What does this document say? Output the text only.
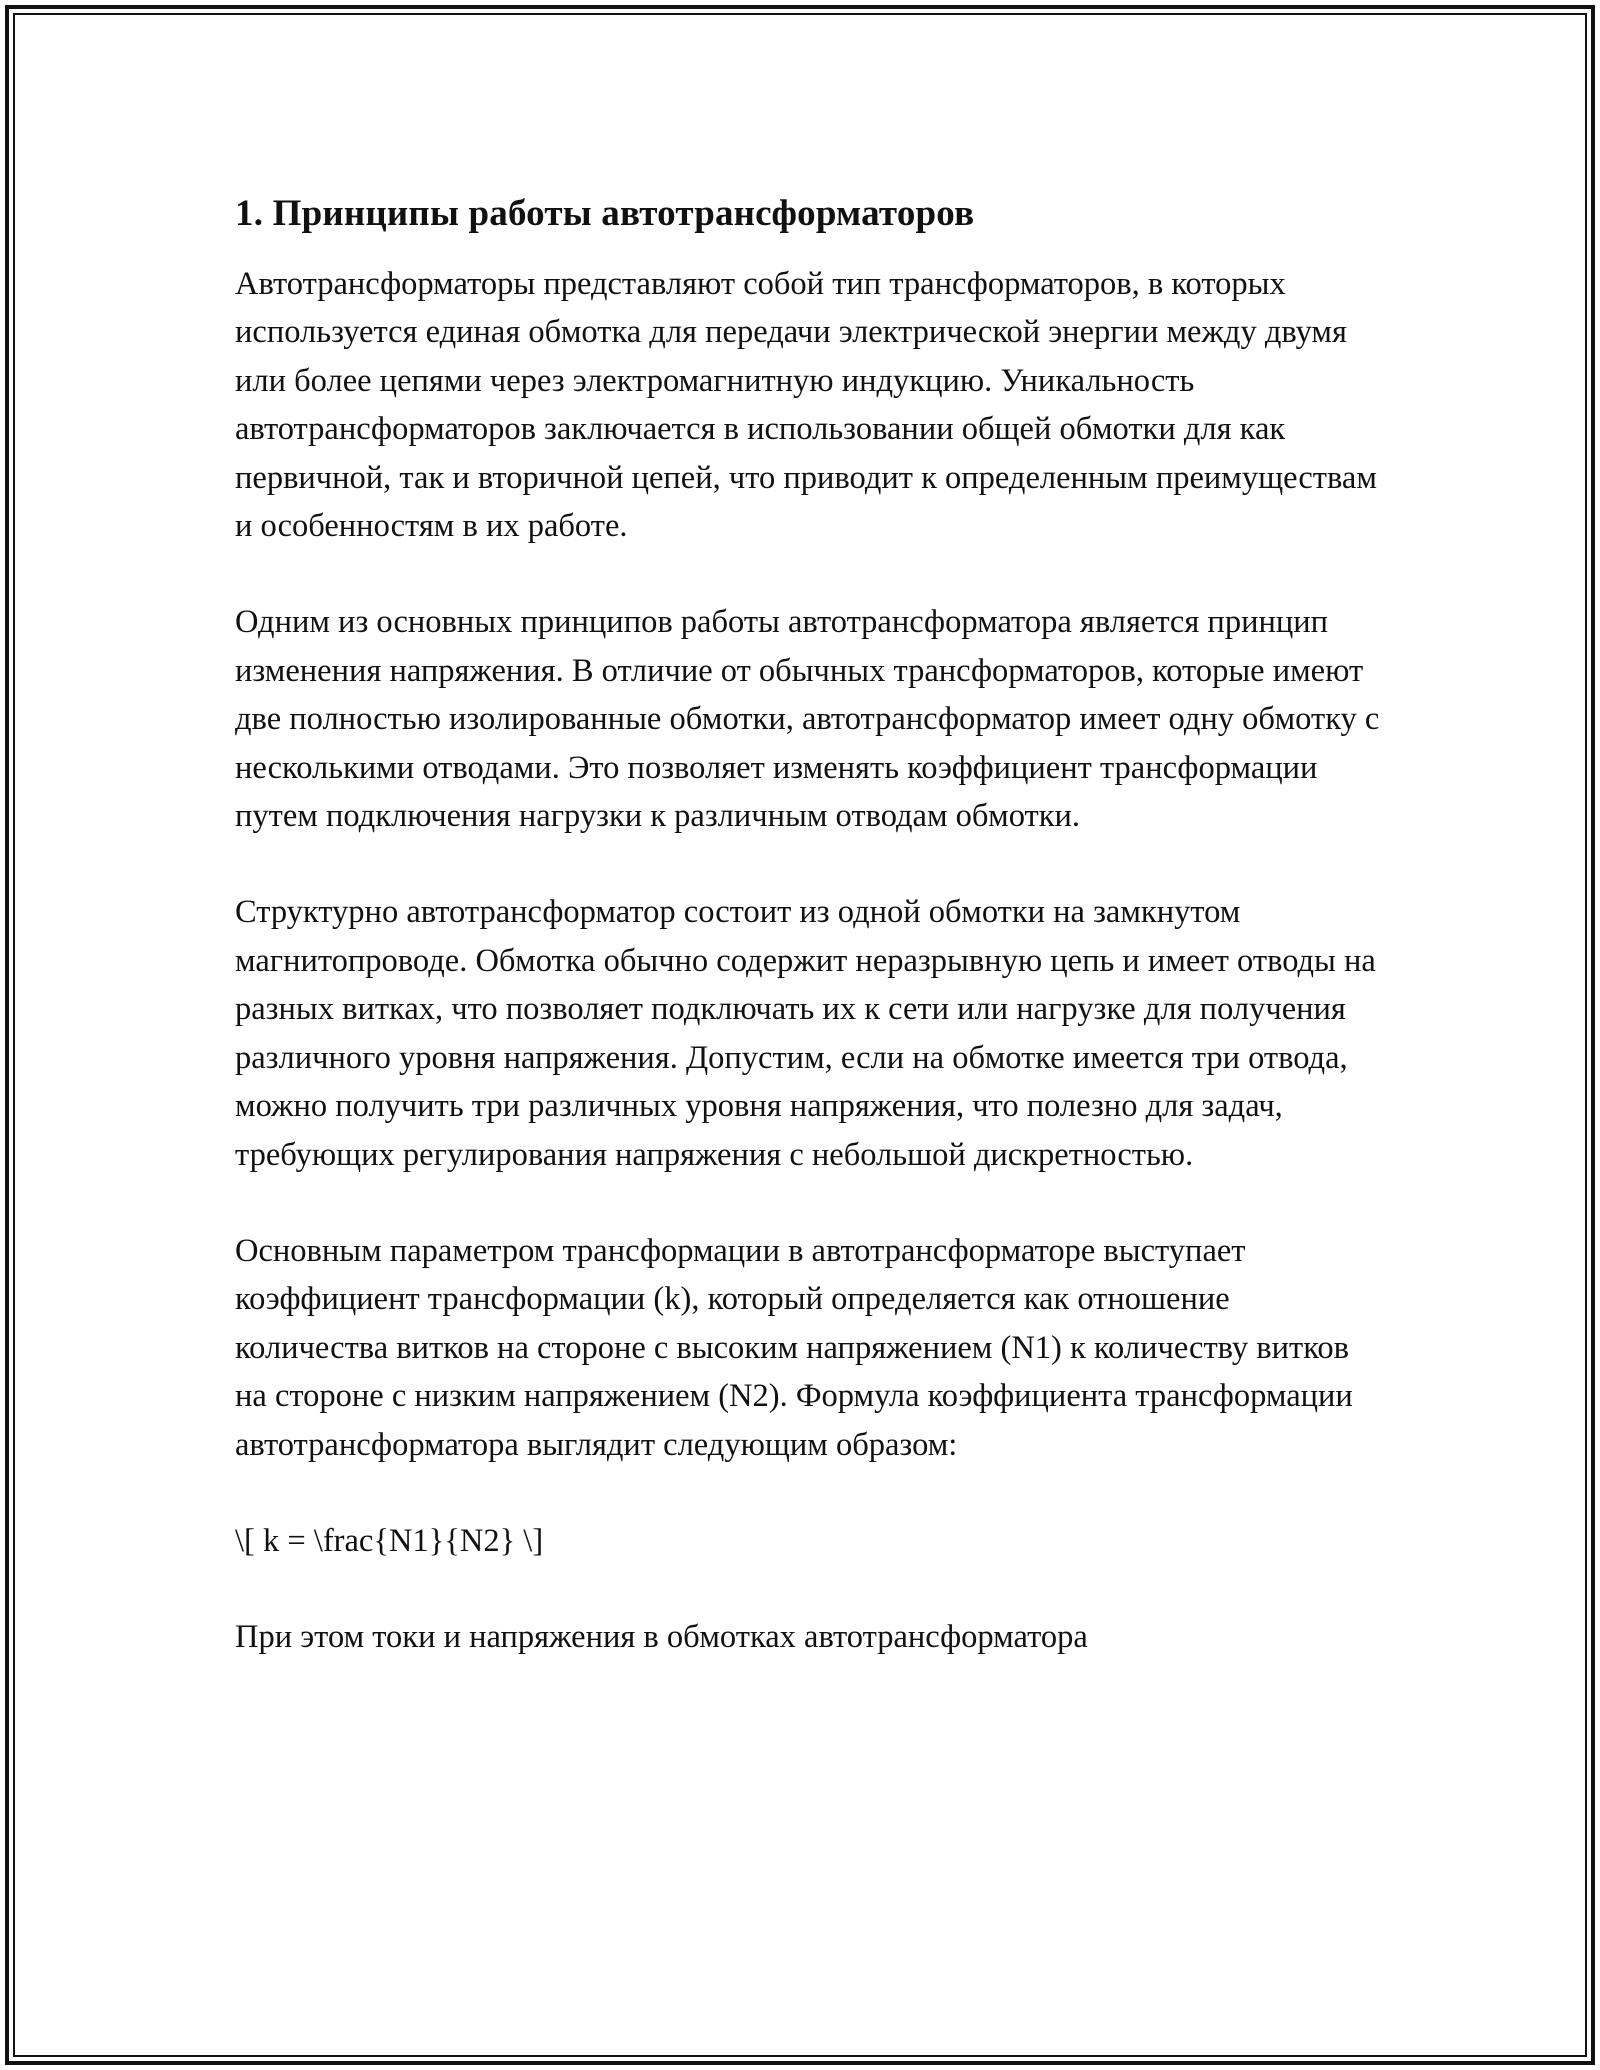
1. Принципы работы автотрансформаторов

Автотрансформаторы представляют собой тип трансформаторов, в которых используется единая обмотка для передачи электрической энергии между двумя или более цепями через электромагнитную индукцию. Уникальность автотрансформаторов заключается в использовании общей обмотки для как первичной, так и вторичной цепей, что приводит к определенным преимуществам и особенностям в их работе.

Одним из основных принципов работы автотрансформатора является принцип изменения напряжения. В отличие от обычных трансформаторов, которые имеют две полностью изолированные обмотки, автотрансформатор имеет одну обмотку с несколькими отводами. Это позволяет изменять коэффициент трансформации путем подключения нагрузки к различным отводам обмотки.

Структурно автотрансформатор состоит из одной обмотки на замкнутом магнитопроводе. Обмотка обычно содержит неразрывную цепь и имеет отводы на разных витках, что позволяет подключать их к сети или нагрузке для получения различного уровня напряжения. Допустим, если на обмотке имеется три отвода, можно получить три различных уровня напряжения, что полезно для задач, требующих регулирования напряжения с небольшой дискретностью.

Основным параметром трансформации в автотрансформаторе выступает коэффициент трансформации (k), который определяется как отношение количества витков на стороне с высоким напряжением (N1) к количеству витков на стороне с низким напряжением (N2). Формула коэффициента трансформации автотрансформатора выглядит следующим образом:

\[ k = \frac{N1}{N2} \]

При этом токи и напряжения в обмотках автотрансформатора
